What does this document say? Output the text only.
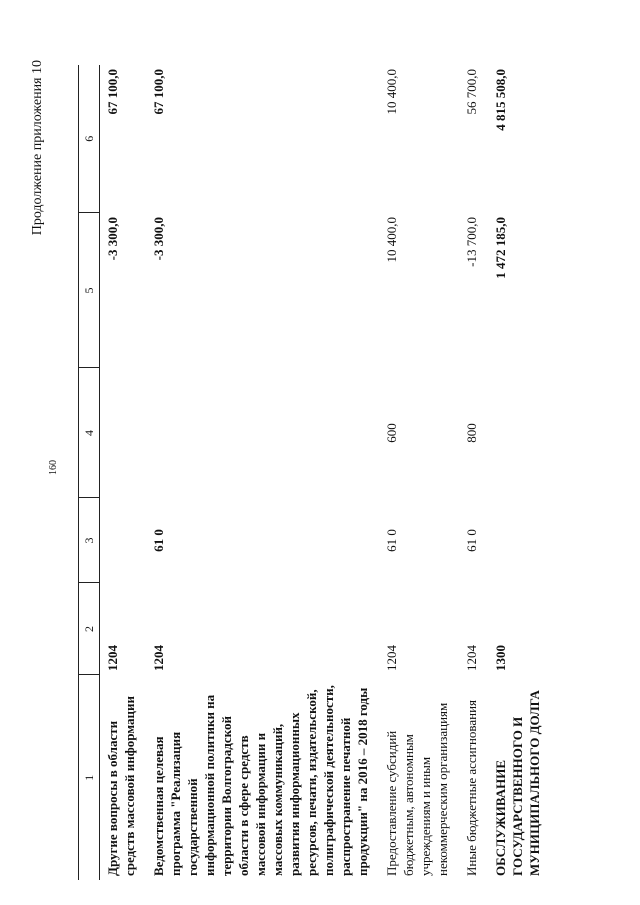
Продолжение приложения 10
160
1	2	3	4	5	6
Другие вопросы в области средств массовой информации	1204			-3 300,0	67 100,0
Ведомственная целевая программа "Реализация государственной информационной политики на территории Волгоградской области в сфере средств массовой информации и массовых коммуникаций, развития информационных ресурсов, печати, издательской, полиграфической деятельности, распространение печатной продукции" на 2016 – 2018 годы	1204	61 0		-3 300,0	67 100,0
Предоставление субсидий бюджетным, автономным учреждениям и иным некоммерческим организациям	1204	61 0	600	10 400,0	10 400,0
Иные бюджетные ассигнования	1204	61 0	800	-13 700,0	56 700,0
ОБСЛУЖИВАНИЕ ГОСУДАРСТВЕННОГО И МУНИЦИПАЛЬНОГО ДОЛГА	1300			1 472 185,0	4 815 508,0
